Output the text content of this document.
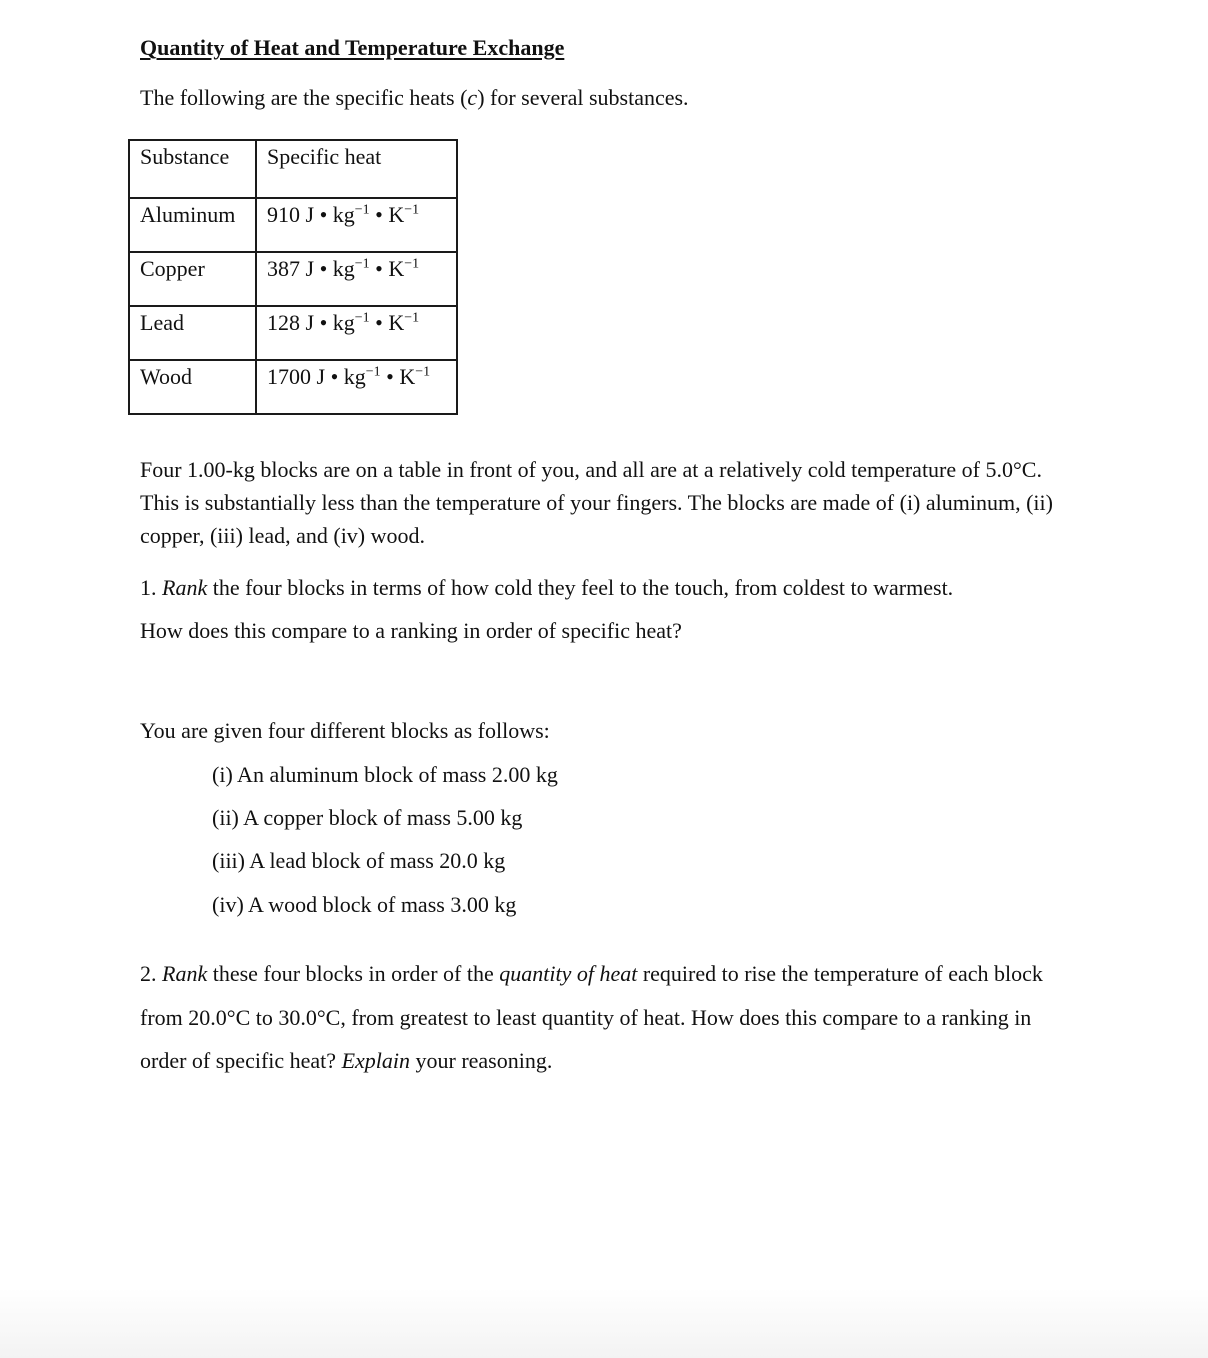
Quantity of Heat and Temperature Exchange

The following are the specific heats (c) for several substances.

Substance	Specific heat
Aluminum	910 J • $kg^{-1}$ • $K^{-1}$
Copper	387 J • $kg^{-1}$ • $K^{-1}$
Lead	128 J • $kg^{-1}$ • $K^{-1}$
Wood	1700 J • $kg^{-1}$ • $K^{-1}$

Four 1.00-kg blocks are on a table in front of you, and all are at a relatively cold temperature of 5.0°C. This is substantially less than the temperature of your fingers. The blocks are made of (i) aluminum, (ii) copper, (iii) lead, and (iv) wood.

1. Rank the four blocks in terms of how cold they feel to the touch, from coldest to warmest.

How does this compare to a ranking in order of specific heat?

You are given four different blocks as follows:

(i) An aluminum block of mass 2.00 kg

(ii) A copper block of mass 5.00 kg

(iii) A lead block of mass 20.0 kg

(iv) A wood block of mass 3.00 kg

2. Rank these four blocks in order of the quantity of heat required to rise the temperature of each block from 20.0°C to 30.0°C, from greatest to least quantity of heat. How does this compare to a ranking in order of specific heat? Explain your reasoning.
